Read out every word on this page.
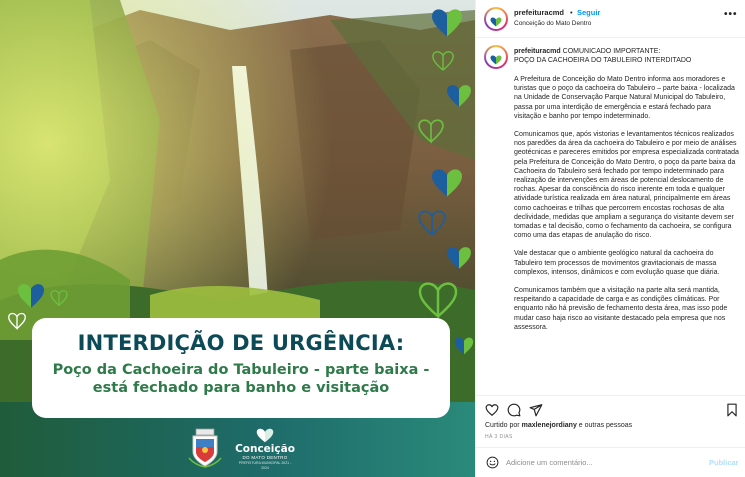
INTERDIÇÃO DE URGÊNCIA:
Poço da Cachoeira do Tabuleiro - parte baixa -
está fechado para banho e visitação
Conceição
DO MATO DENTRO
PREFEITURA MUNICIPAL 2021 - 2024
prefeituracmd • Seguir
Conceição do Mato Dentro
•••
prefeituracmd COMUNICADO IMPORTANTE:
POÇO DA CACHOEIRA DO TABULEIRO INTERDITADO

A Prefeitura de Conceição do Mato Dentro informa aos moradores e turistas que o poço da cachoeira do Tabuleiro – parte baixa - localizada na Unidade de Conservação Parque Natural Municipal do Tabuleiro, passa por uma interdição de emergência e estará fechado para visitação e banho por tempo indeterminado.

Comunicamos que, após vistorias e levantamentos técnicos realizados nos paredões da área da cachoeira do Tabuleiro e por meio de análises geotécnicas e pareceres emitidos por empresa especializada contratada pela Prefeitura de Conceição do Mato Dentro, o poço da parte baixa da Cachoeira do Tabuleiro será fechado por tempo indeterminado para realização de intervenções em áreas de potencial deslocamento de rochas. Apesar da consciência do risco inerente em toda e qualquer atividade turística realizada em área natural, principalmente em áreas como cachoeiras e trilhas que percorrem encostas rochosas de alta declividade, medidas que ampliam a segurança do visitante devem ser tomadas e tal decisão, como o fechamento da cachoeira, se configura como uma das etapas de anulação do risco.

Vale destacar que o ambiente geológico natural da cachoeira do Tabuleiro tem processos de movimentos gravitacionais de massa complexos, intensos, dinâmicos e com evolução quase que diária.

Comunicamos também que a visitação na parte alta será mantida, respeitando a capacidade de carga e as condições climáticas. Por enquanto não há previsão de fechamento desta área, mas isso pode mudar caso haja risco ao visitante destacado pela empresa que nos assessora.

Curtido por maxlenejordiany e outras pessoas
HÁ 3 DIAS
Adicione um comentário...
Publicar
